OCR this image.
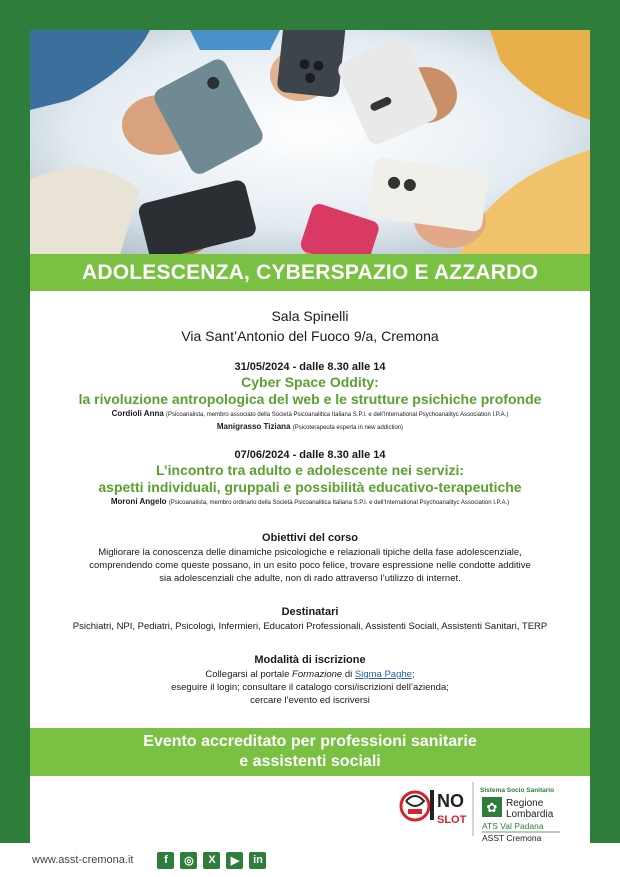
ADOLESCENZA, CYBERSPAZIO E AZZARDO
Sala Spinelli
Via Sant’Antonio del Fuoco 9/a, Cremona
31/05/2024 - dalle 8.30 alle 14
Cyber Space Oddity:
la rivoluzione antropologica del web e le strutture psichiche profonde
Cordioli Anna (Psicoanalista, membro associato della Società Psicoanalitica Italiana S.P.I. e dell’International Psychoanalityc Association I.P.A.)
Manigrasso Tiziana (Psicoterapeuta esperta in new addiction)
07/06/2024 - dalle 8.30 alle 14
L’incontro tra adulto e adolescente nei servizi:
aspetti individuali, gruppali e possibilità educativo-terapeutiche
Moroni Angelo (Psicoanalista, membro ordinario della Società Psicoanalitica Italiana S.P.I. e dell’International Psychoanalityc Association I.P.A.)
Obiettivi del corso
Migliorare la conoscenza delle dinamiche psicologiche e relazionali tipiche della fase adolescenziale,
comprendendo come queste possano, in un esito poco felice, trovare espressione nelle condotte additive
sia adolescenziali che adulte, non di rado attraverso l’utilizzo di internet.
Destinatari
Psichiatri, NPI, Pediatri, Psicologi, Infermieri, Educatori Professionali, Assistenti Sociali, Assistenti Sanitari, TERP
Modalità di iscrizione
Collegarsi al portale Formazione di Sigma Paghe;
eseguire il login; consultare il catalogo corsi/iscrizioni dell’azienda;
cercare l’evento ed iscriversi
Evento accreditato per professioni sanitarie
e assistenti sociali
NO
SLOT
Sistema Socio Sanitario
✿ Regione
Lombardia
ATS Val Padana
ASST Cremona
www.asst-cremona.it	f	◎	X	▶	in
